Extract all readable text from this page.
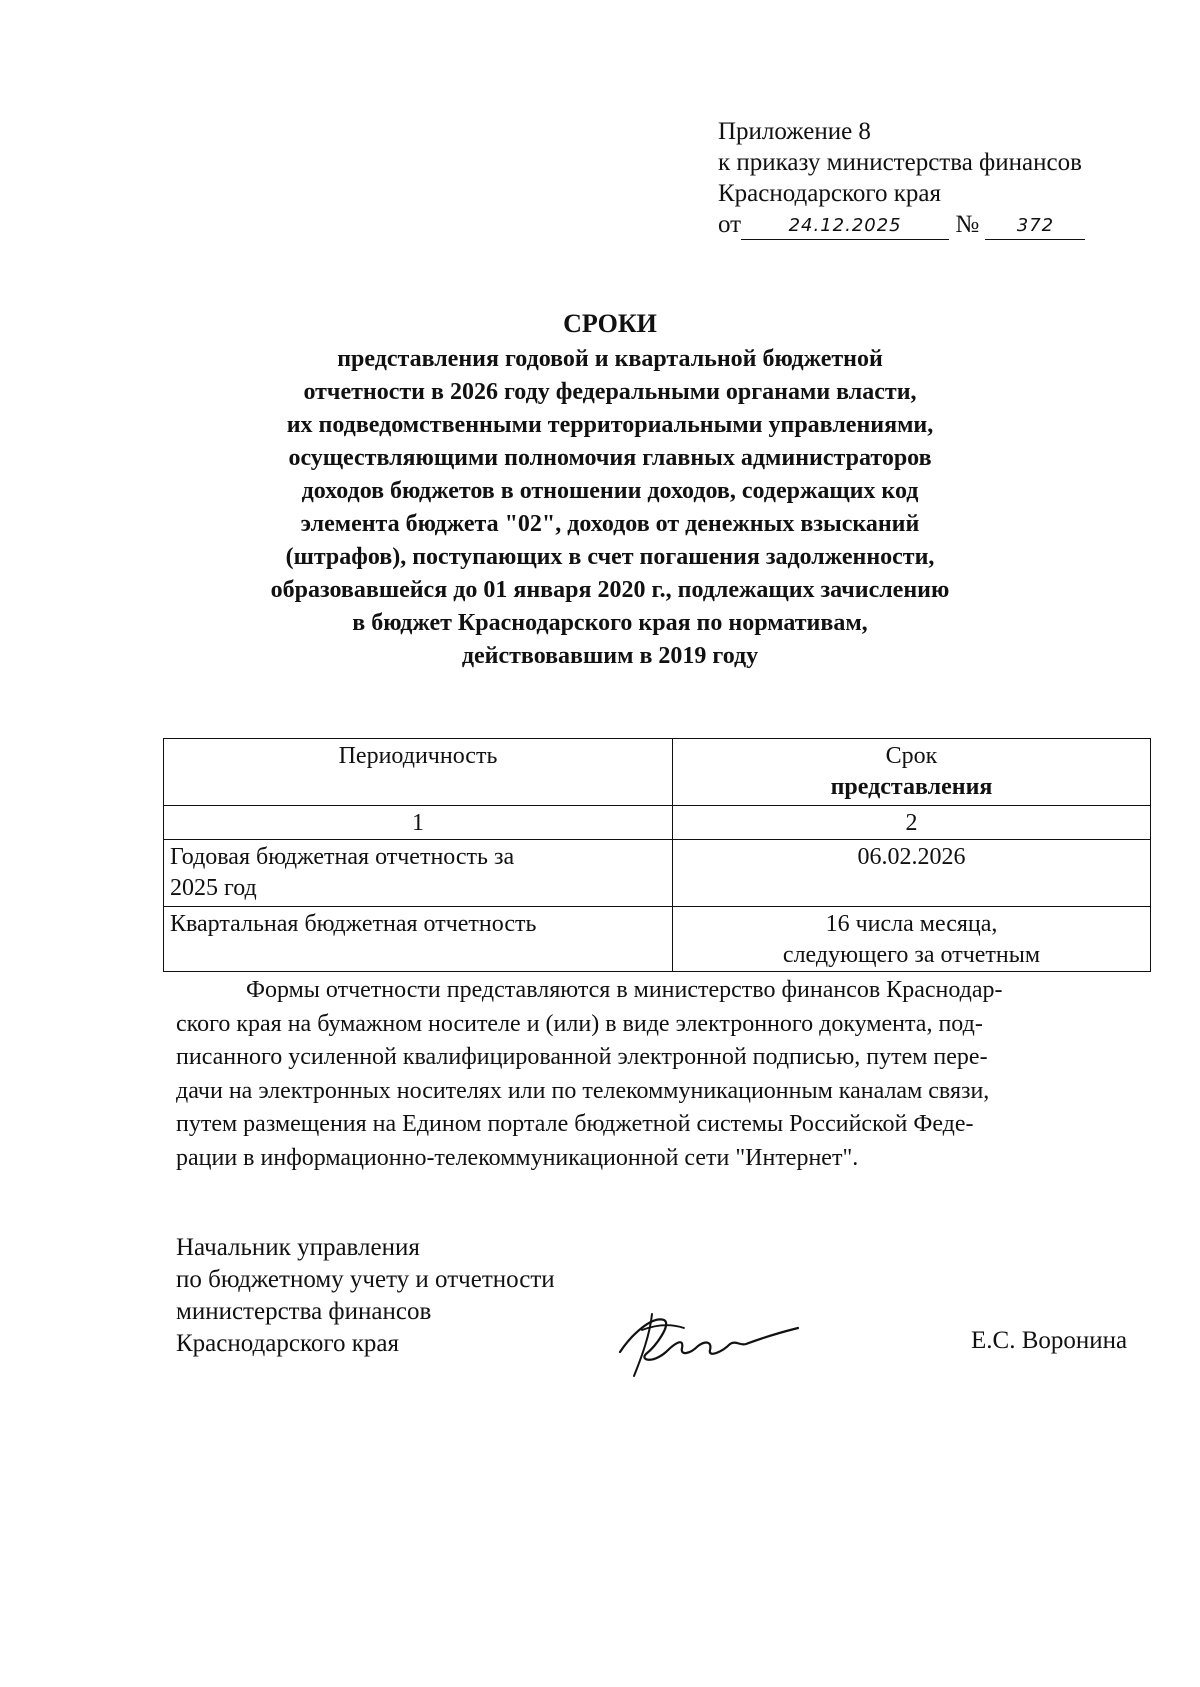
Приложение 8
к приказу министерства финансов
Краснодарского края
от	24.12.2025 № 372
СРОКИ
представления годовой и квартальной бюджетной
отчетности в 2026 году федеральными органами власти,
их подведомственными территориальными управлениями,
осуществляющими полномочия главных администраторов
доходов бюджетов в отношении доходов, содержащих код
элемента бюджета "02", доходов от денежных взысканий
(штрафов), поступающих в счет погашения задолженности,
образовавшейся до 01 января 2020 г., подлежащих зачислению
в бюджет Краснодарского края по нормативам,
действовавшим в 2019 году
Периодичность	Срок
представления

1	2

Годовая бюджетная отчетность за
2025 год	06.02.2026

Квартальная бюджетная отчетность	16 числа месяца,
следующего за отчетным
Формы отчетности представляются в министерство финансов Краснодар-
ского края на бумажном носителе и (или) в виде электронного документа, под-
писанного усиленной квалифицированной электронной подписью, путем пере-
дачи на электронных носителях или по телекоммуникационным каналам связи,
путем размещения на Едином портале бюджетной системы Российской Феде-
рации в информационно-телекоммуникационной сети "Интернет".
Начальник управления
по бюджетному учету и отчетности
министерства финансов
Краснодарского края	Е.С. Воронина
